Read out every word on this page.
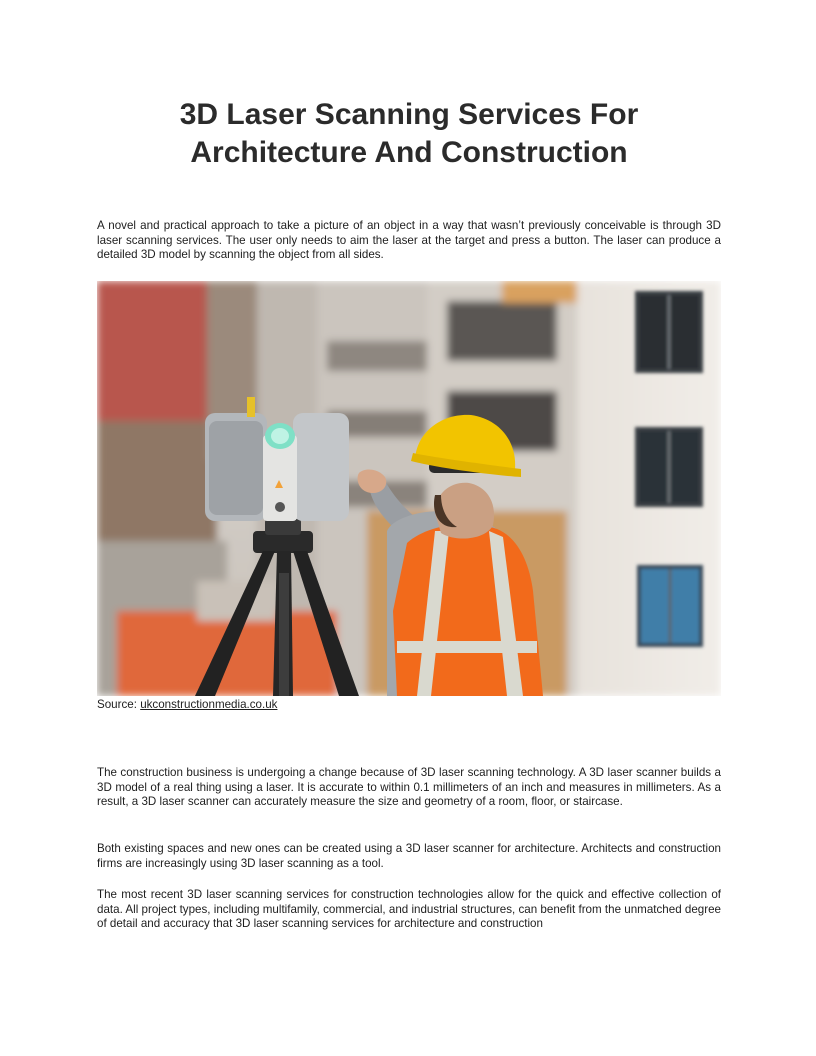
3D Laser Scanning Services For
Architecture And Construction

A novel and practical approach to take a picture of an object in a way that wasn’t previously conceivable is through 3D laser scanning services. The user only needs to aim the laser at the target and press a button. The laser can produce a detailed 3D model by scanning the object from all sides.

Source: ukconstructionmedia.co.uk

The construction business is undergoing a change because of 3D laser scanning technology. A 3D laser scanner builds a 3D model of a real thing using a laser. It is accurate to within 0.1 millimeters of an inch and measures in millimeters. As a result, a 3D laser scanner can accurately measure the size and geometry of a room, floor, or staircase.

Both existing spaces and new ones can be created using a 3D laser scanner for architecture. Architects and construction firms are increasingly using 3D laser scanning as a tool.

The most recent 3D laser scanning services for construction technologies allow for the quick and effective collection of data. All project types, including multifamily, commercial, and industrial structures, can benefit from the unmatched degree of detail and accuracy that 3D laser scanning services for architecture and construction
